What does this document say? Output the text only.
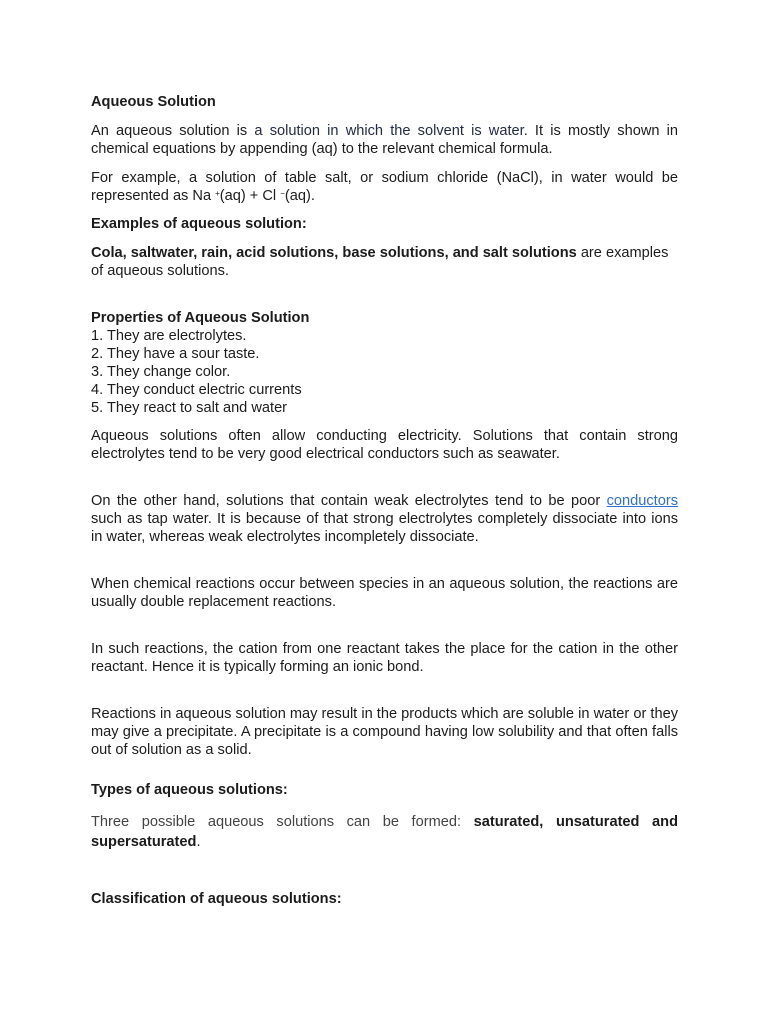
Aqueous Solution

An aqueous solution is a solution in which the solvent is water. It is mostly shown in chemical equations by appending (aq) to the relevant chemical formula.

For example, a solution of table salt, or sodium chloride (NaCl), in water would be represented as Na +(aq) + Cl −(aq).

Examples of aqueous solution:

Cola, saltwater, rain, acid solutions, base solutions, and salt solutions are examples of aqueous solutions.

Properties of Aqueous Solution

1. They are electrolytes.
2. They have a sour taste.
3. They change color.
4. They conduct electric currents
5. They react to salt and water

Aqueous solutions often allow conducting electricity. Solutions that contain strong electrolytes tend to be very good electrical conductors such as seawater.

On the other hand, solutions that contain weak electrolytes tend to be poor conductors such as tap water. It is because of that strong electrolytes completely dissociate into ions in water, whereas weak electrolytes incompletely dissociate.

When chemical reactions occur between species in an aqueous solution, the reactions are usually double replacement reactions.

In such reactions, the cation from one reactant takes the place for the cation in the other reactant. Hence it is typically forming an ionic bond.

Reactions in aqueous solution may result in the products which are soluble in water or they may give a precipitate. A precipitate is a compound having low solubility and that often falls out of solution as a solid.

Types of aqueous solutions:

Three possible aqueous solutions can be formed: saturated, unsaturated and supersaturated.

Classification of aqueous solutions:
